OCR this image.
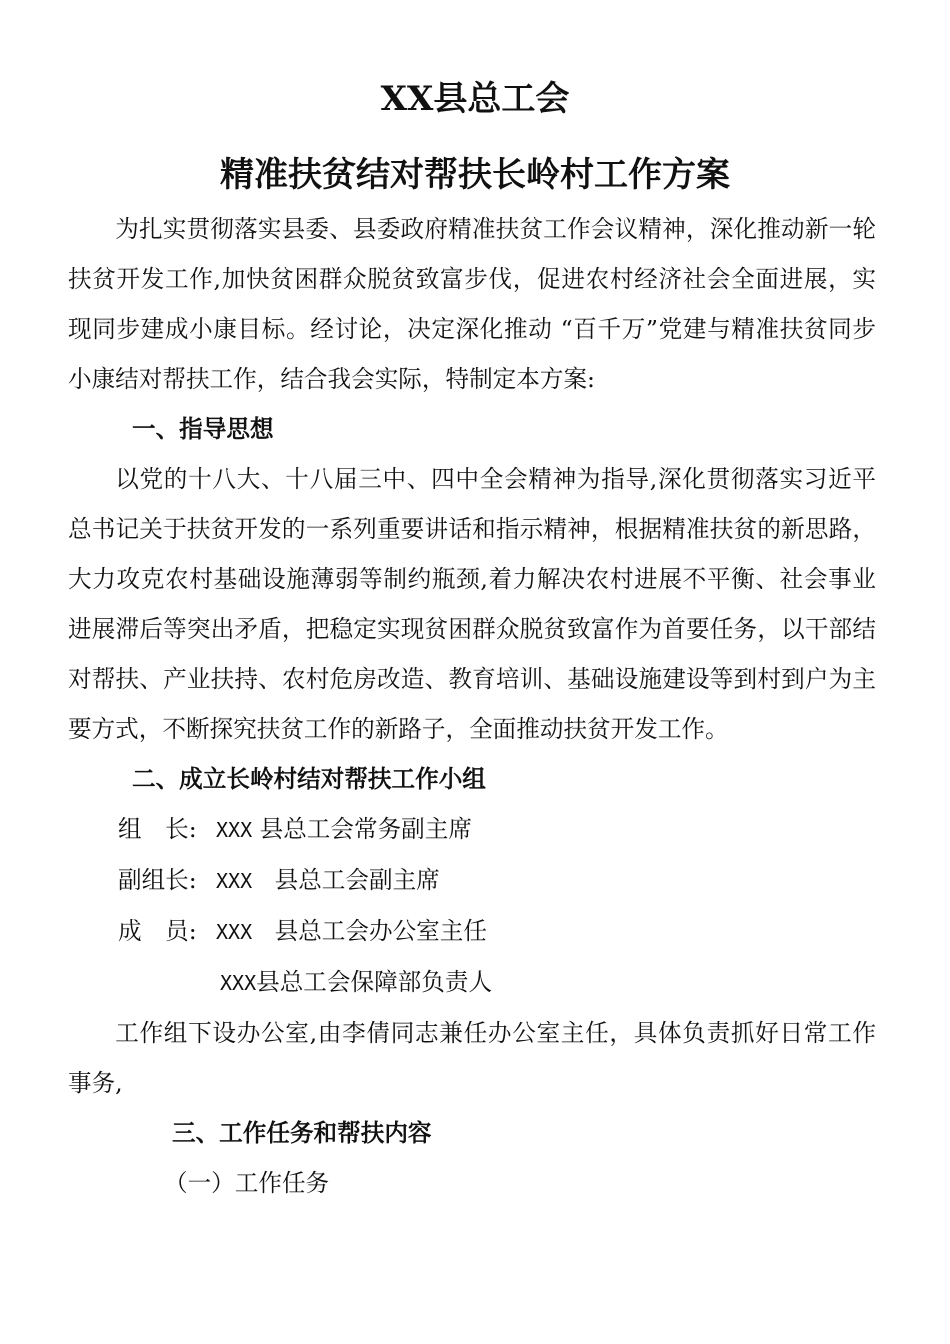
XX县总工会
精准扶贫结对帮扶长岭村工作方案

为扎实贯彻落实县委、县委政府精准扶贫工作会议精神，深化推动新一轮扶贫开发工作,加快贫困群众脱贫致富步伐，促进农村经济社会全面进展，实现同步建成小康目标。经讨论，决定深化推动 “百千万”党建与精准扶贫同步小康结对帮扶工作，结合我会实际，特制定本方案:

一、指导思想

以党的十八大、十八届三中、四中全会精神为指导,深化贯彻落实习近平总书记关于扶贫开发的一系列重要讲话和指示精神，根据精准扶贫的新思路，大力攻克农村基础设施薄弱等制约瓶颈,着力解决农村进展不平衡、社会事业进展滞后等突出矛盾，把稳定实现贫困群众脱贫致富作为首要任务，以干部结对帮扶、产业扶持、农村危房改造、教育培训、基础设施建设等到村到户为主要方式，不断探究扶贫工作的新路子，全面推动扶贫开发工作。

二、成立长岭村结对帮扶工作小组

组　长: XXX 县总工会常务副主席

副组长: XXX 县总工会副主席

成　员: XXX 县总工会办公室主任

XXX县总工会保障部负责人

工作组下设办公室,由李倩同志兼任办公室主任，具体负责抓好日常工作事务,

三、工作任务和帮扶内容

（一）工作任务
